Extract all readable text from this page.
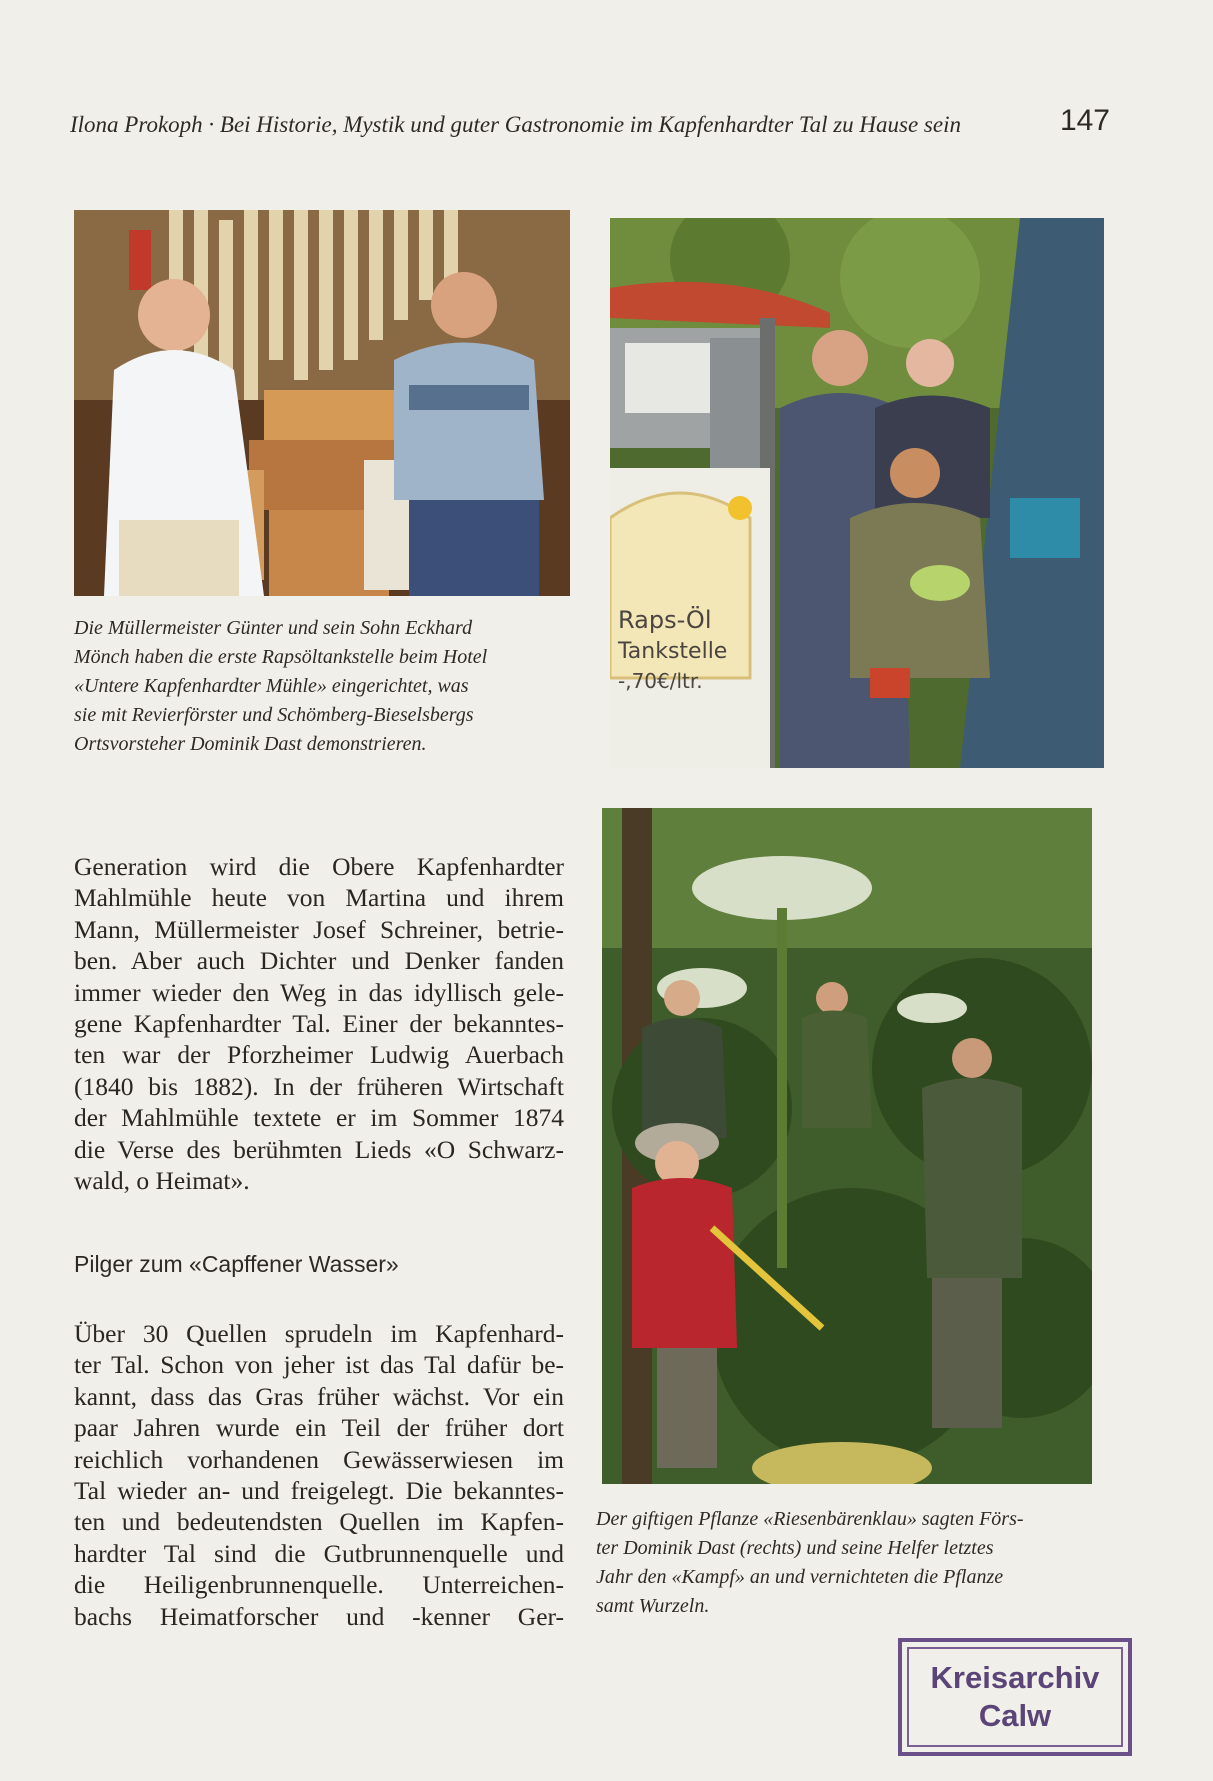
Ilona Prokoph · Bei Historie, Mystik und guter Gastronomie im Kapfenhardter Tal zu Hause sein	147
Raps-Öl
Tankstelle
-,70€/ltr.
Die Müllermeister Günter und sein Sohn Eckhard
Mönch haben die erste Rapsöltankstelle beim Hotel
«Untere Kapfenhardter Mühle» eingerichtet, was
sie mit Revierförster und Schömberg-Bieselsbergs
Ortsvorsteher Dominik Dast demonstrieren.
Generation wird die Obere Kapfenhardter
Mahlmühle heute von Martina und ihrem
Mann, Müllermeister Josef Schreiner, betrie-
ben. Aber auch Dichter und Denker fanden
immer wieder den Weg in das idyllisch gele-
gene Kapfenhardter Tal. Einer der bekanntes-
ten war der Pforzheimer Ludwig Auerbach
(1840 bis 1882). In der früheren Wirtschaft
der Mahlmühle textete er im Sommer 1874
die Verse des berühmten Lieds «O Schwarz-
wald, o Heimat».
Pilger zum «Capffener Wasser»
Über 30 Quellen sprudeln im Kapfenhard-
ter Tal. Schon von jeher ist das Tal dafür be-
kannt, dass das Gras früher wächst. Vor ein
paar Jahren wurde ein Teil der früher dort
reichlich vorhandenen Gewässerwiesen im
Tal wieder an- und freigelegt. Die bekanntes-
ten und bedeutendsten Quellen im Kapfen-
hardter Tal sind die Gutbrunnenquelle und
die Heiligenbrunnenquelle. Unterreichen-
bachs Heimatforscher und -kenner Ger-
Der giftigen Pflanze «Riesenbärenklau» sagten Förs-
ter Dominik Dast (rechts) und seine Helfer letztes
Jahr den «Kampf» an und vernichteten die Pflanze
samt Wurzeln.
Kreisarchiv
Calw
